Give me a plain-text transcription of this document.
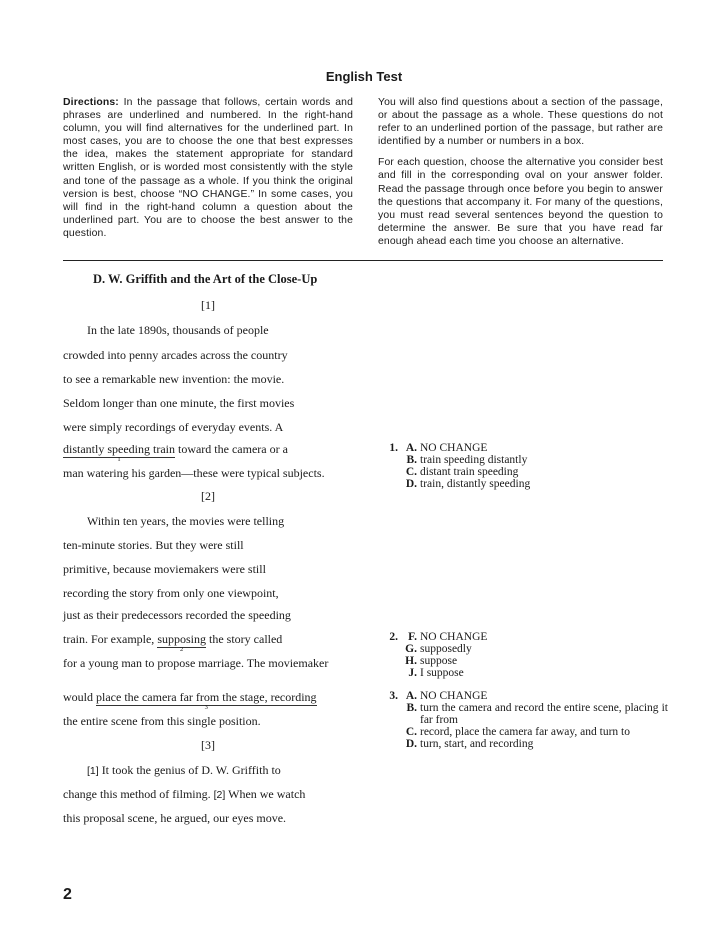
English Test

Directions: In the passage that follows, certain words and phrases are underlined and numbered. In the right-hand column, you will find alternatives for the underlined part. In most cases, you are to choose the one that best expresses the idea, makes the statement appropriate for standard written English, or is worded most consistently with the style and tone of the passage as a whole. If you think the original version is best, choose “NO CHANGE.” In some cases, you will find in the right-hand column a question about the underlined part. You are to choose the best answer to the question.

You will also find questions about a section of the passage, or about the passage as a whole. These questions do not refer to an underlined portion of the passage, but rather are identified by a number or numbers in a box.

For each question, choose the alternative you consider best and fill in the corresponding oval on your answer folder. Read the passage through once before you begin to answer the questions that accompany it. For many of the questions, you must read several sentences beyond the question to determine the answer. Be sure that you have read far enough ahead each time you choose an alternative.

D. W. Griffith and the Art of the Close-Up
[1]
In the late 1890s, thousands of people
crowded into penny arcades across the country
to see a remarkable new invention: the movie.
Seldom longer than one minute, the first movies
were simply recordings of everyday events. A
distantly speeding train
1
toward the camera or a
man watering his garden—these were typical subjects.
[2]
Within ten years, the movies were telling
ten-minute stories. But they were still
primitive, because moviemakers were still
recording the story from only one viewpoint,
just as their predecessors recorded the speeding
train. For example, supposing
2
the story called
for a young man to propose marriage. The moviemaker
would place the camera far from the stage, recording
3
the entire scene from this single position.
[3]
[1] It took the genius of D. W. Griffith to
change this method of filming. [2] When we watch
this proposal scene, he argued, our eyes move.
1. A. NO CHANGE
B. train speeding distantly
C. distant train speeding
D. train, distantly speeding
2. F. NO CHANGE
G. supposedly
H. suppose
J. I suppose
3. A. NO CHANGE
B. turn the camera and record the entire scene, placing it far from
C. record, place the camera far away, and turn to
D. turn, start, and recording
2
